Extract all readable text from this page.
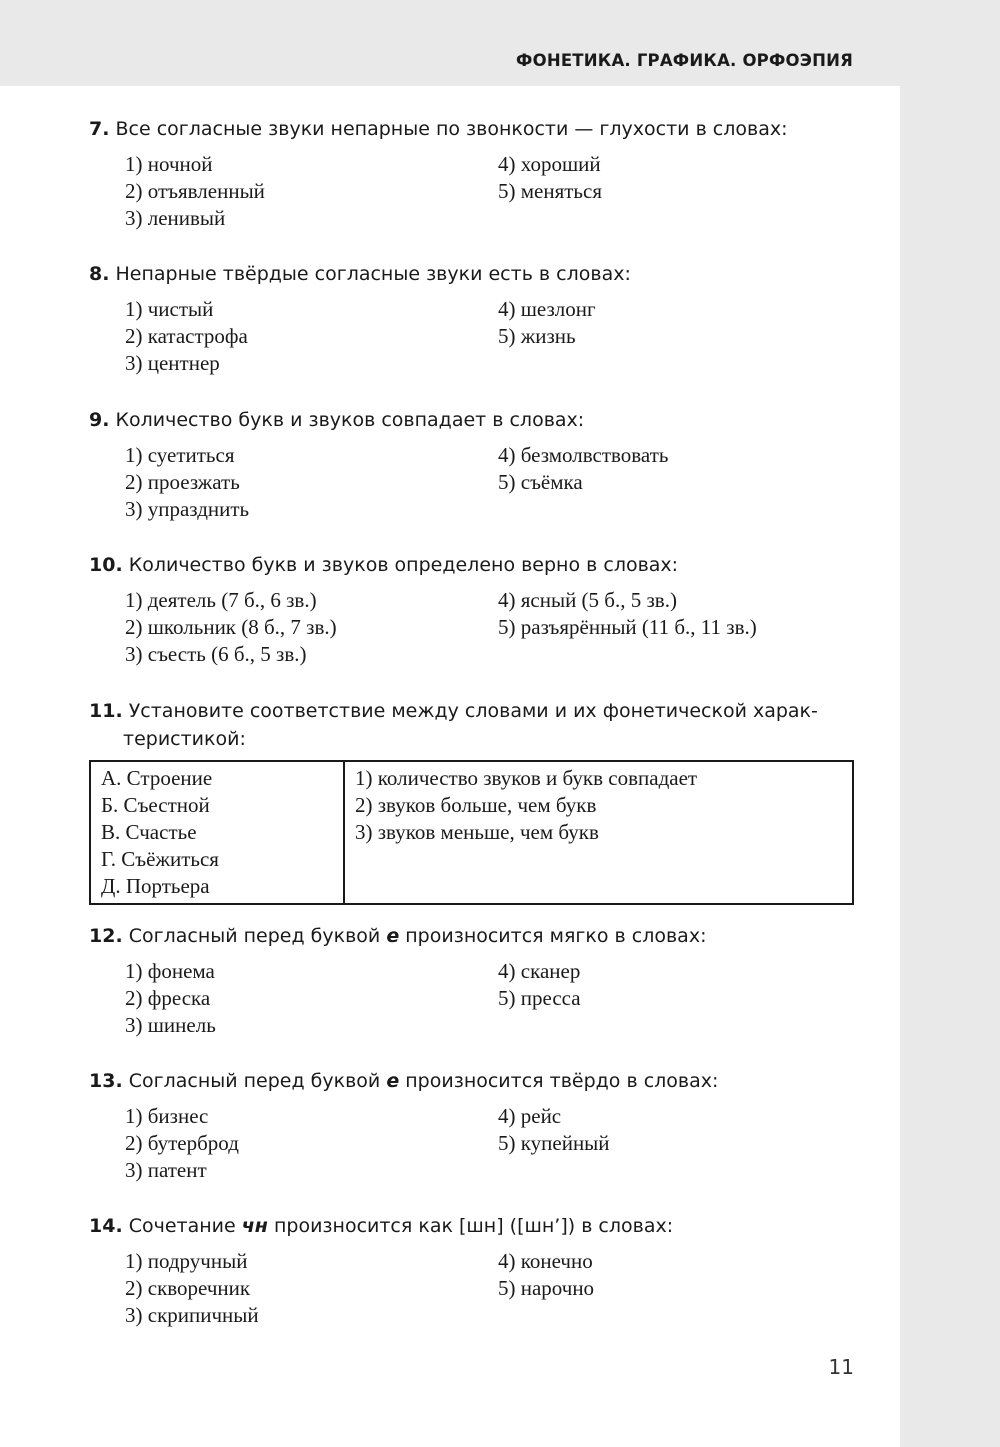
ФОНЕТИКА. ГРАФИКА. ОРФОЭПИЯ
7. Все согласные звуки непарные по звонкости — глухости в словах:
1) ночной
2) отъявленный
3) ленивый
4) хороший
5) меняться
8. Непарные твёрдые согласные звуки есть в словах:
1) чистый
2) катастрофа
3) центнер
4) шезлонг
5) жизнь
9. Количество букв и звуков совпадает в словах:
1) суетиться
2) проезжать
3) упразднить
4) безмолвствовать
5) съёмка
10. Количество букв и звуков определено верно в словах:
1) деятель (7 б., 6 зв.)
2) школьник (8 б., 7 зв.)
3) съесть (6 б., 5 зв.)
4) ясный (5 б., 5 зв.)
5) разъярённый (11 б., 11 зв.)
11. Установите соответствие между словами и их фонетической харак-
теристикой:
А. Строение
Б. Съестной
В. Счастье
Г. Съёжиться
Д. Портьера

1) количество звуков и букв совпадает
2) звуков больше, чем букв
3) звуков меньше, чем букв
12. Согласный перед буквой е произносится мягко в словах:
1) фонема
2) фреска
3) шинель
4) сканер
5) пресса
13. Согласный перед буквой е произносится твёрдо в словах:
1) бизнес
2) бутерброд
3) патент
4) рейс
5) купейный
14. Сочетание чн произносится как [шн] ([шн’]) в словах:
1) подручный
2) скворечник
3) скрипичный
4) конечно
5) нарочно
11
